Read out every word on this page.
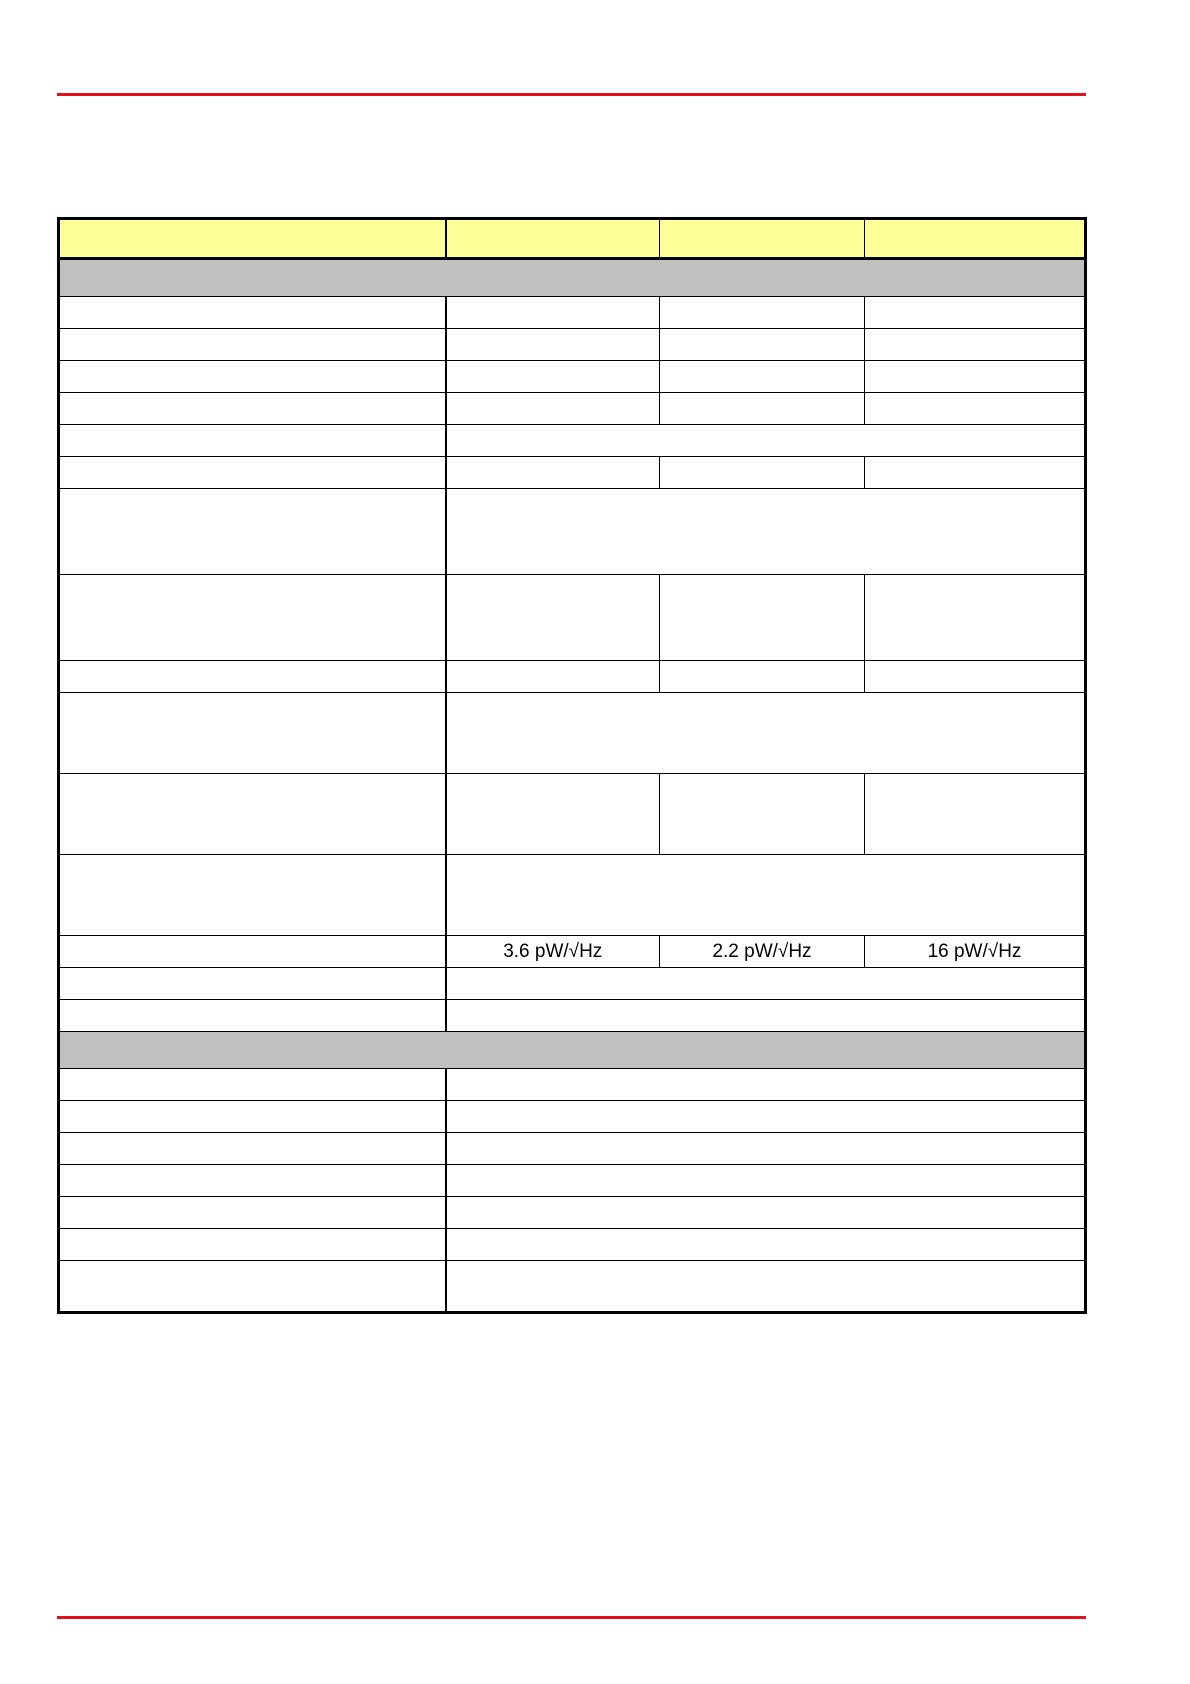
	3.6 pW/√Hz	2.2 pW/√Hz	16 pW/√Hz
